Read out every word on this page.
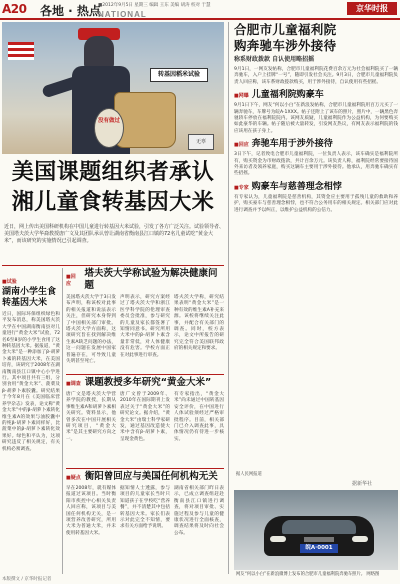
A20 各地 · 热点
■2012年9月5日 星期三 编辑 王东 美编 胡涛 校对 于慧
NATIONAL
京华时报
转基因稻米试验
没有做过
无辜
美国课题组织者承认
湘儿童食转基因大米

近日，网上传出美国科研机构在中国儿童进行转基因大米试验，引发了各方广泛关注。试验领导者、美国塔夫茨大学华裔教授唐广文及其团队承认曾让湖南省衡南县江口镇的72名儿童试吃“黄金大米”，而该研究的实施情况已引起调查。

■试验
湖南小学生食转基因大米

近日，国际环保组织绿色和平发布消息，称美国塔夫茨大学在中国湖南衡南县对儿童进行“黄金大米”试验，72名6至8岁的小学生食用了这种转基因大米。据报道，“黄金大米”是一种添加了β-胡萝卜素的转基因大米，在美国培育，该研究于2008年在湖南衡南县江口镇中心小学进行。其中项目共有三组，分别食用“黄金大米”、菠菜及β-胡萝卜素胶囊。研究结果于今年8月在《美国临床营养学杂志》发表，论文称“黄金大米”中的β-胡萝卜素转化维生素A的效果与油胶囊中的纯β-胡萝卜素同样好，比菠菜中的β-胡萝卜素转化效果好。绿色和平认为，这项研究违反了相关规定，有关机构必须调查。

■回应
塔夫茨大学称试验为解决健康问题

美国塔夫茨大学于3日发布声明，称该校对此事的相关报道和说法表示关注，但研究本身得到了中国相关部门审批。塔夫茨大学方面称，这项研究旨在找到解决维生素A缺乏问题的办法，这一问题在发展中国家普遍存在，可导致儿童失明甚至死亡。

声明表示，研究方案经过了塔夫茨大学和浙江医学科学院的伦理审查委员会批准，参与研究的儿童及家长都签署了知情同意书。研究所用大米中的β-胡萝卜素含量非常低，对人体健康没有危害。学校方面正在对此事进行审查。

塔夫茨大学称，研究结果表明“黄金大米”是一种有效的维生素A补充来源。该校将继续关注此事，并配合有关部门的调查。同时，校方表示，论文中所报告的研究完全符合美国联邦政府的相关规定和要求。

■调查 课题教授多年研究“黄金大米”

唐广文是塔夫茨大学营养学院的教授，长期从事维生素A和胡萝卜素相关研究。资料显示，他曾多次在中国开展相关研究项目，“黄金大米”是其主要研究方向之一。

唐广文曾于2009年、2010年在国际期刊上发表过关于“黄金大米”的研究论文。据介绍，“黄金大米”由瑞士科学家研发，通过基因改造使大米中含有β-胡萝卜素，呈现金黄色。

有专家指出，“黄金大米”尚未通过中国转基因安全评价，在中国进行人体试验须经过严格审批程序。目前，相关部门已介入调查此事，具体情况仍有待进一步核实。

■疑点 衡阳曾回应与美国任何机构无关

早在2008年，就有媒体报道过该项目。当时衡阳市疾控中心相关负责人回应称，该项目与美国任何机构无关，是一项营养改善研究，所用大米为普通大米，并未使用转基因大米。

据知情人士透露，参与项目的儿童家长当时只知道孩子在学校吃“营养餐”，并不清楚其中包括转基因大米。家长们表示对此完全不知情，要求有关方面给予说明。

湖南省相关部门昨日表示，已成立调查组赶赴衡南县江口镇进行调查，将对项目审批、实施过程及参与儿童的健康状况进行全面核查，调查结果将及时向社会公布。

合肥市儿童福利院
购奔驰车涉外接待
称系财政拨款 自认使用略招摇

9月1日，一网友发帖称，合肥市儿童福利院花费百余万元为社会福利院买了一辆奔驰车，入户上挂牌“一号”，随即引发社会关注。9月3日，合肥市儿童福利院负责人回应称，该车系财政拨款购买，用于涉外接待，自认使用有些招摇。

■网曝 儿童福利院购豪车

9月1日下午，网友“何以小白”在新浪发帖称，合肥市儿童福利院用百万元买了一辆奔驰车，车牌号为皖A·1XXX。帖子还附上了该车的照片，照片中，一辆黑色奔驰轿车停放在福利院院内。该网友质疑，儿童福利院作为公益机构，为何要购买如此豪华的车辆。帖子随后被大量转发，引发网友热议，有网友表示福利院的钱应该用在孩子身上。

■回应 奔驰车用于涉外接待

3日下午，记者致电合肥市儿童福利院，一位负责人表示，该车确实是福利院所有，购买资金为市财政拨款，共计百余万元。该负责人称，福利院经常要接待国外来访者及领养家庭，购买这辆车主要用于涉外接待。他承认，用奔驰车确实有些招摇。

■专家 购豪车与慈善理念相悖

有专家认为，儿童福利院是慈善机构，其资金应主要用于孤残儿童的救助和养护，购买豪车与慈善理念相悖，也不符合公务用车的相关规定。相关部门应对此进行调查并予以纠正，以维护公益机构的公信力。

据人民网报道
据新华社
皖A·0001

网友“何以小白”在新浪微博上发布的合肥市儿童福利院奔驰车照片。 网络图

本版撰文 / 京华时报记者
